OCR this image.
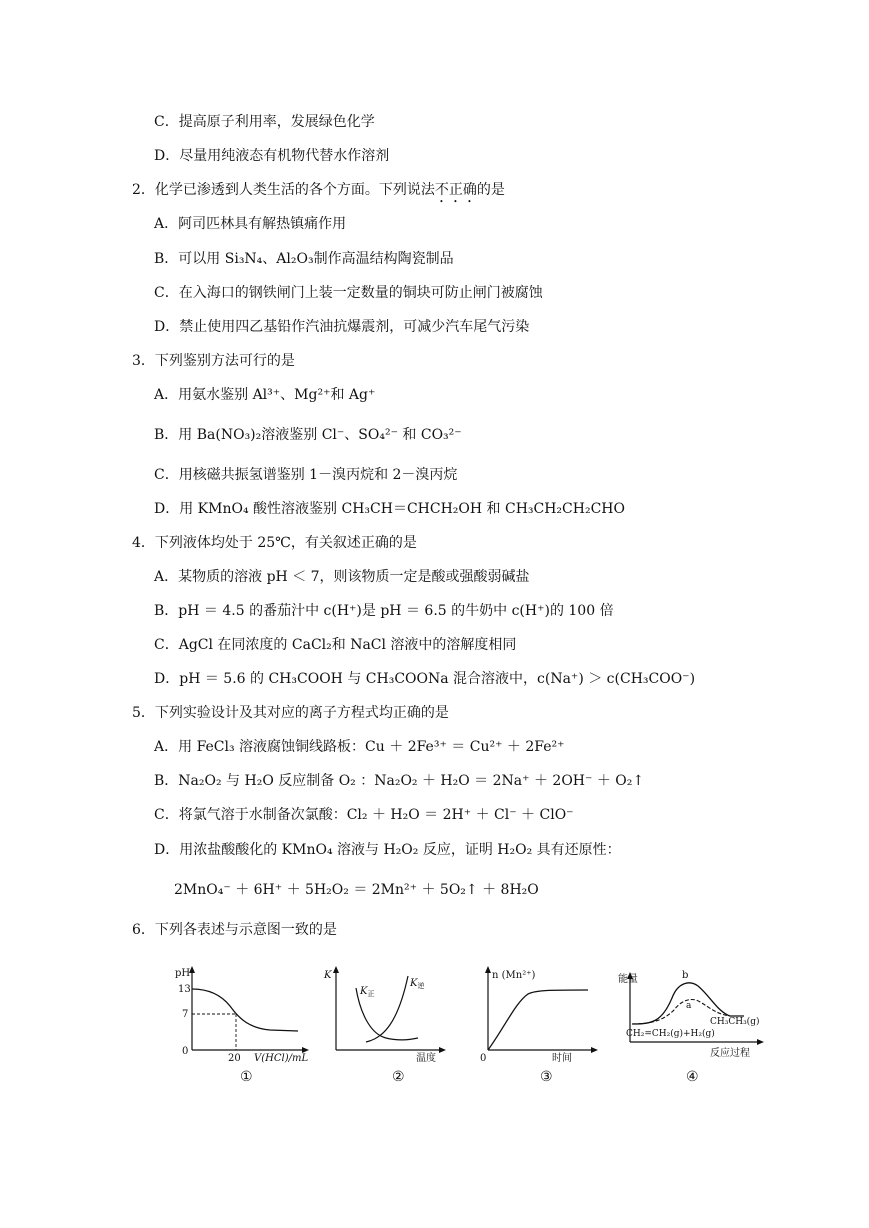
C．提高原子利用率，发展绿色化学
D．尽量用纯液态有机物代替水作溶剂
2．化学已渗透到人类生活的各个方面。下列说法不正确的是
A．阿司匹林具有解热镇痛作用
B．可以用 Si₃N₄、Al₂O₃制作高温结构陶瓷制品
C．在入海口的钢铁闸门上装一定数量的铜块可防止闸门被腐蚀
D．禁止使用四乙基铅作汽油抗爆震剂，可减少汽车尾气污染
3．下列鉴别方法可行的是
A．用氨水鉴别 Al³⁺、Mg²⁺和 Ag⁺
B．用 Ba(NO₃)₂溶液鉴别 Cl⁻、SO₄²⁻ 和 CO₃²⁻
C．用核磁共振氢谱鉴别 1－溴丙烷和 2－溴丙烷
D．用 KMnO₄ 酸性溶液鉴别 CH₃CH＝CHCH₂OH 和 CH₃CH₂CH₂CHO
4．下列液体均处于 25℃，有关叙述正确的是
A．某物质的溶液 pH ＜ 7，则该物质一定是酸或强酸弱碱盐
B．pH ＝ 4.5 的番茄汁中 c(H⁺)是 pH ＝ 6.5 的牛奶中 c(H⁺)的 100 倍
C．AgCl 在同浓度的 CaCl₂和 NaCl 溶液中的溶解度相同
D．pH ＝ 5.6 的 CH₃COOH 与 CH₃COONa 混合溶液中，c(Na⁺) ＞ c(CH₃COO⁻)
5．下列实验设计及其对应的离子方程式均正确的是
A．用 FeCl₃ 溶液腐蚀铜线路板：Cu ＋ 2Fe³⁺ ＝ Cu²⁺ ＋ 2Fe²⁺
B．Na₂O₂ 与 H₂O 反应制备 O₂ ：Na₂O₂ ＋ H₂O ＝ 2Na⁺ ＋ 2OH⁻ ＋ O₂↑
C．将氯气溶于水制备次氯酸：Cl₂ ＋ H₂O ＝ 2H⁺ ＋ Cl⁻ ＋ ClO⁻
D．用浓盐酸酸化的 KMnO₄ 溶液与 H₂O₂ 反应，证明 H₂O₂ 具有还原性：
2MnO₄⁻ ＋ 6H⁺ ＋ 5H₂O₂ ＝ 2Mn²⁺ ＋ 5O₂↑ ＋ 8H₂O
6．下列各表述与示意图一致的是
pH
13
7
0
20 V(HCl)/mL
①
K
$K_正$
$K_逆$
温度
②
n (Mn²⁺)
0	时间
③
能量	b
a
CH₃CH₃(g)
CH₂=CH₂(g)+H₂(g)
反应过程
④
